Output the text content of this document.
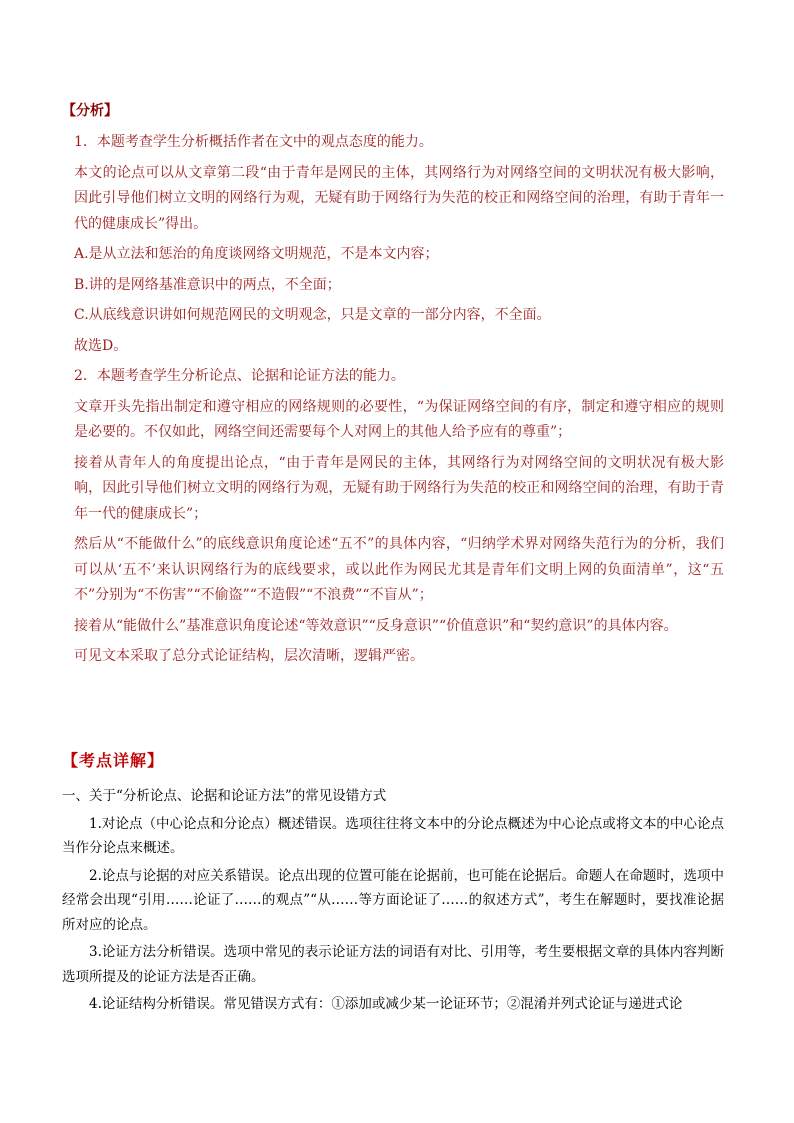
【分析】

1．本题考查学生分析概括作者在文中的观点态度的能力。

本文的论点可以从文章第二段“由于青年是网民的主体，其网络行为对网络空间的文明状况有极大影响，因此引导他们树立文明的网络行为观，无疑有助于网络行为失范的校正和网络空间的治理，有助于青年一代的健康成长”得出。

A.是从立法和惩治的角度谈网络文明规范，不是本文内容；

B.讲的是网络基准意识中的两点，不全面；

C.从底线意识讲如何规范网民的文明观念，只是文章的一部分内容，不全面。

故选D。

2．本题考查学生分析论点、论据和论证方法的能力。

文章开头先指出制定和遵守相应的网络规则的必要性，“为保证网络空间的有序，制定和遵守相应的规则是必要的。不仅如此，网络空间还需要每个人对网上的其他人给予应有的尊重”；

接着从青年人的角度提出论点，“由于青年是网民的主体，其网络行为对网络空间的文明状况有极大影响，因此引导他们树立文明的网络行为观，无疑有助于网络行为失范的校正和网络空间的治理，有助于青年一代的健康成长”；

然后从“不能做什么”的底线意识角度论述“五不”的具体内容，“归纳学术界对网络失范行为的分析，我们可以从‘五不’来认识网络行为的底线要求，或以此作为网民尤其是青年们文明上网的负面清单”，这“五不”分别为“不伤害”“不偷盗”“不造假”“不浪费”“不盲从”；

接着从“能做什么”基准意识角度论述“等效意识”“反身意识”“价值意识”和“契约意识”的具体内容。

可见文本采取了总分式论证结构，层次清晰，逻辑严密。

【考点详解】

一、关于“分析论点、论据和论证方法”的常见设错方式

1.对论点（中心论点和分论点）概述错误。选项往往将文本中的分论点概述为中心论点或将文本的中心论点当作分论点来概述。

2.论点与论据的对应关系错误。论点出现的位置可能在论据前，也可能在论据后。命题人在命题时，选项中经常会出现“引用……论证了……的观点”“从……等方面论证了……的叙述方式”，考生在解题时，要找准论据所对应的论点。

3.论证方法分析错误。选项中常见的表示论证方法的词语有对比、引用等，考生要根据文章的具体内容判断选项所提及的论证方法是否正确。

4.论证结构分析错误。常见错误方式有：①添加或减少某一论证环节；②混淆并列式论证与递进式论
